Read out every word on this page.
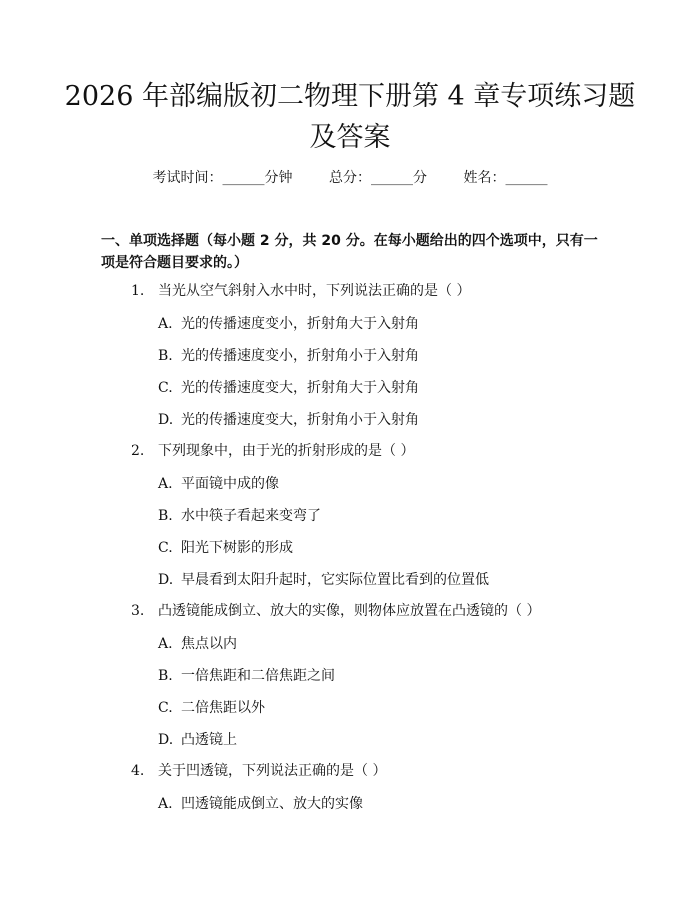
2026 年部编版初二物理下册第 4 章专项练习题及答案
考试时间：______分钟	总分：______分	姓名：______

一、单项选择题（每小题 2 分，共 20 分。在每小题给出的四个选项中，只有一项是符合题目要求的。）

1. 当光从空气斜射入水中时，下列说法正确的是（ ）
A. 光的传播速度变小，折射角大于入射角
B. 光的传播速度变小，折射角小于入射角
C. 光的传播速度变大，折射角大于入射角
D. 光的传播速度变大，折射角小于入射角
2. 下列现象中，由于光的折射形成的是（ ）
A. 平面镜中成的像
B. 水中筷子看起来变弯了
C. 阳光下树影的形成
D. 早晨看到太阳升起时，它实际位置比看到的位置低
3. 凸透镜能成倒立、放大的实像，则物体应放置在凸透镜的（ ）
A. 焦点以内
B. 一倍焦距和二倍焦距之间
C. 二倍焦距以外
D. 凸透镜上
4. 关于凹透镜，下列说法正确的是（ ）
A. 凹透镜能成倒立、放大的实像
